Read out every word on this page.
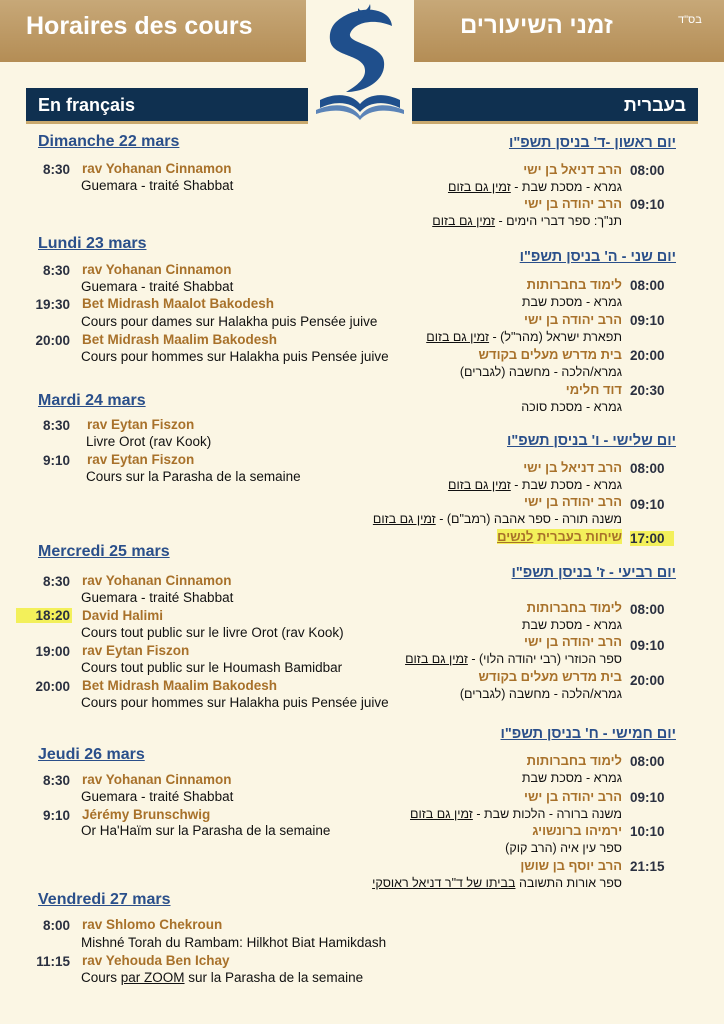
Horaires des cours	זמני השיעורים	בס"ד
En français	בעברית
Dimanche 22 mars
8:30 rav Yohanan Cinnamon
Guemara - traité Shabbat
Lundi 23 mars
8:30 rav Yohanan Cinnamon
Guemara - traité Shabbat
19:30 Bet Midrash Maalot Bakodesh
Cours pour dames sur Halakha puis Pensée juive
20:00 Bet Midrash Maalim Bakodesh
Cours pour hommes sur Halakha puis Pensée juive
Mardi 24 mars
8:30 rav Eytan Fiszon
Livre Orot (rav Kook)
9:10 rav Eytan Fiszon
Cours sur la Parasha de la semaine
Mercredi 25 mars
8:30 rav Yohanan Cinnamon
Guemara - traité Shabbat
18:20 David Halimi
Cours tout public sur le livre Orot (rav Kook)
19:00 rav Eytan Fiszon
Cours tout public sur le Houmash Bamidbar
20:00 Bet Midrash Maalim Bakodesh
Cours pour hommes sur Halakha puis Pensée juive
Jeudi 26 mars
8:30 rav Yohanan Cinnamon
Guemara - traité Shabbat
9:10 Jérémy Brunschwig
Or Ha'Haïm sur la Parasha de la semaine
Vendredi 27 mars
8:00 rav Shlomo Chekroun
Mishné Torah du Rambam: Hilkhot Biat Hamikdash
11:15 rav Yehouda Ben Ichay
Cours par ZOOM sur la Parasha de la semaine
יום ראשון -ד' בניסן תשפ"ו
08:00
הרב דניאל בן ישי
גמרא - מסכת שבת - זמין גם בזום
09:10
הרב יהודה בן ישי
תנ"ך: ספר דברי הימים - זמין גם בזום
יום שני - ה' בניסן תשפ"ו
08:00
לימוד בחברותות
גמרא - מסכת שבת
09:10
הרב יהודה בן ישי
תפארת ישראל (מהר"ל) - זמין גם בזום
20:00
בית מדרש מעלים בקודש
גמרא/הלכה - מחשבה (לגברים)
20:30
דוד חלימי
גמרא - מסכת סוכה
יום שלישי - ו' בניסן תשפ"ו
08:00
הרב דניאל בן ישי
גמרא - מסכת שבת - זמין גם בזום
09:10
הרב יהודה בן ישי
משנה תורה - ספר אהבה (רמב"ם) - זמין גם בזום
17:00
שיחות בעברית לנשים
יום רביעי - ז' בניסן תשפ"ו
08:00
לימוד בחברותות
גמרא - מסכת שבת
09:10
הרב יהודה בן ישי
ספר הכוזרי (רבי יהודה הלוי) - זמין גם בזום
20:00
בית מדרש מעלים בקודש
גמרא/הלכה - מחשבה (לגברים)
יום חמישי - ח' בניסן תשפ"ו
08:00
לימוד בחברותות
גמרא - מסכת שבת
09:10
הרב יהודה בן ישי
משנה ברורה - הלכות שבת - זמין גם בזום
10:10
ירמיהו ברונשויג
ספר עין איה (הרב קוק)
21:15
הרב יוסף בן שושן
ספר אורות התשובה בביתו של ד"ר דניאל ראוסקי
